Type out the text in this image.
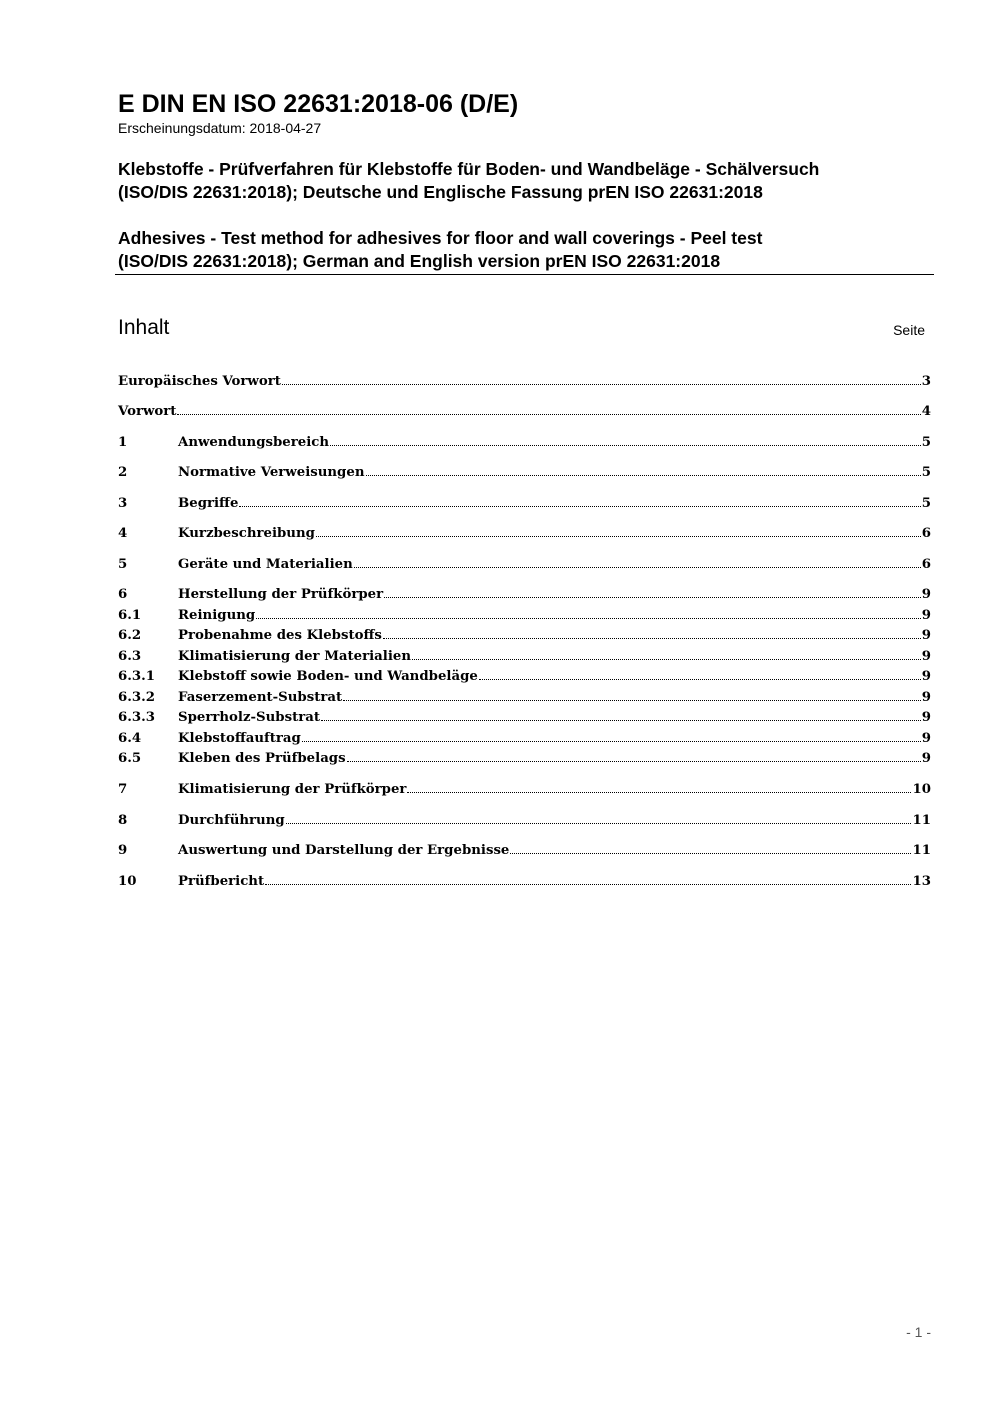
E DIN EN ISO 22631:2018-06 (D/E)
Erscheinungsdatum: 2018-04-27
Klebstoffe - Prüfverfahren für Klebstoffe für Boden- und Wandbeläge - Schälversuch
(ISO/DIS 22631:2018); Deutsche und Englische Fassung prEN ISO 22631:2018
Adhesives - Test method for adhesives for floor and wall coverings - Peel test
(ISO/DIS 22631:2018); German and English version prEN ISO 22631:2018
Inhalt	Seite
Europäisches Vorwort	3
Vorwort	4
1	Anwendungsbereich	5
2	Normative Verweisungen	5
3	Begriffe	5
4	Kurzbeschreibung	6
5	Geräte und Materialien	6
6	Herstellung der Prüfkörper	9
6.1	Reinigung	9
6.2	Probenahme des Klebstoffs	9
6.3	Klimatisierung der Materialien	9
6.3.1	Klebstoff sowie Boden- und Wandbeläge	9
6.3.2	Faserzement-Substrat	9
6.3.3	Sperrholz-Substrat	9
6.4	Klebstoffauftrag	9
6.5	Kleben des Prüfbelags	9
7	Klimatisierung der Prüfkörper	10
8	Durchführung	11
9	Auswertung und Darstellung der Ergebnisse	11
10	Prüfbericht	13
- 1 -
